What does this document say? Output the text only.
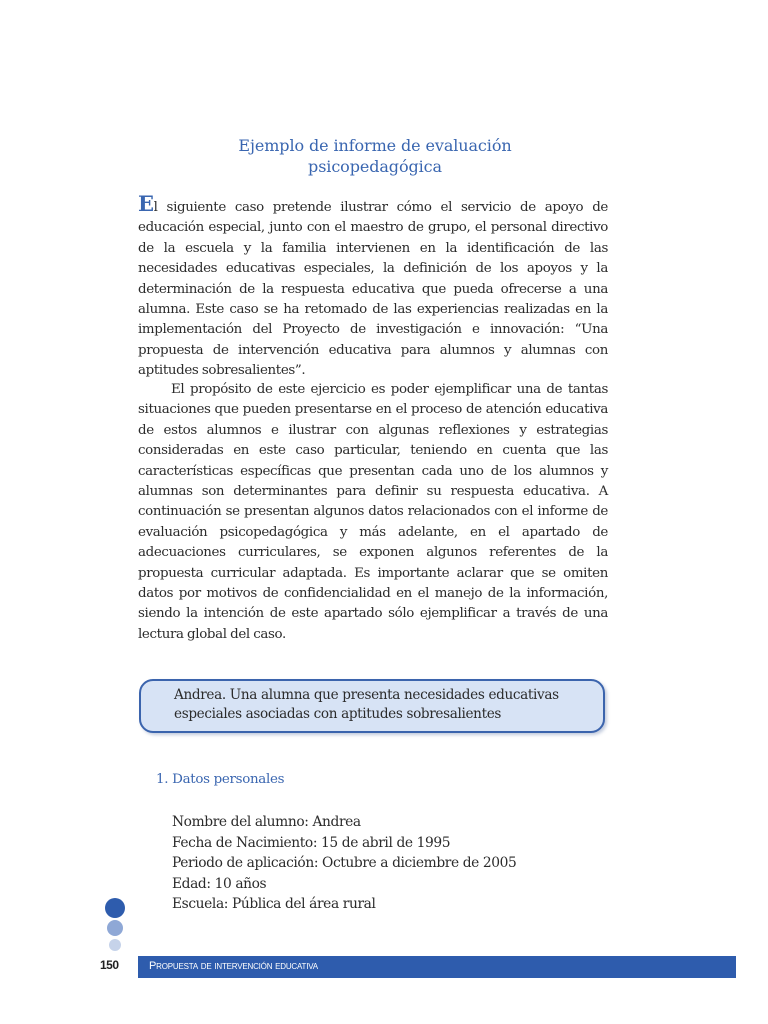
Ejemplo de informe de evaluación
psicopedagógica
El siguiente caso pretende ilustrar cómo el servicio de apoyo de educación especial, junto con el maestro de grupo, el personal directivo de la escuela y la familia intervienen en la identificación de las necesidades educativas especiales, la definición de los apoyos y la determinación de la respuesta educativa que pueda ofrecerse a una alumna. Este caso se ha retomado de las experiencias realizadas en la implementación del Proyecto de investigación e innovación: “Una propuesta de intervención educativa para alumnos y alumnas con aptitudes sobresalientes”.
El propósito de este ejercicio es poder ejemplificar una de tantas situaciones que pueden presentarse en el proceso de atención educativa de estos alumnos e ilustrar con algunas reflexiones y estrategias consideradas en este caso particular, teniendo en cuenta que las características específicas que presentan cada uno de los alumnos y alumnas son determinantes para definir su respuesta educativa. A continuación se presentan algunos datos relacionados con el informe de evaluación psicopedagógica y más adelante, en el apartado de adecuaciones curriculares, se exponen algunos referentes de la propuesta curricular adaptada. Es importante aclarar que se omiten datos por motivos de confidencialidad en el manejo de la información, siendo la intención de este apartado sólo ejemplificar a través de una lectura global del caso.
Andrea. Una alumna que presenta necesidades educativas
especiales asociadas con aptitudes sobresalientes
1. Datos personales
Nombre del alumno: Andrea
Fecha de Nacimiento: 15 de abril de 1995
Periodo de aplicación: Octubre a diciembre de 2005
Edad: 10 años
Escuela: Pública del área rural
150	Propuesta de intervención educativa
